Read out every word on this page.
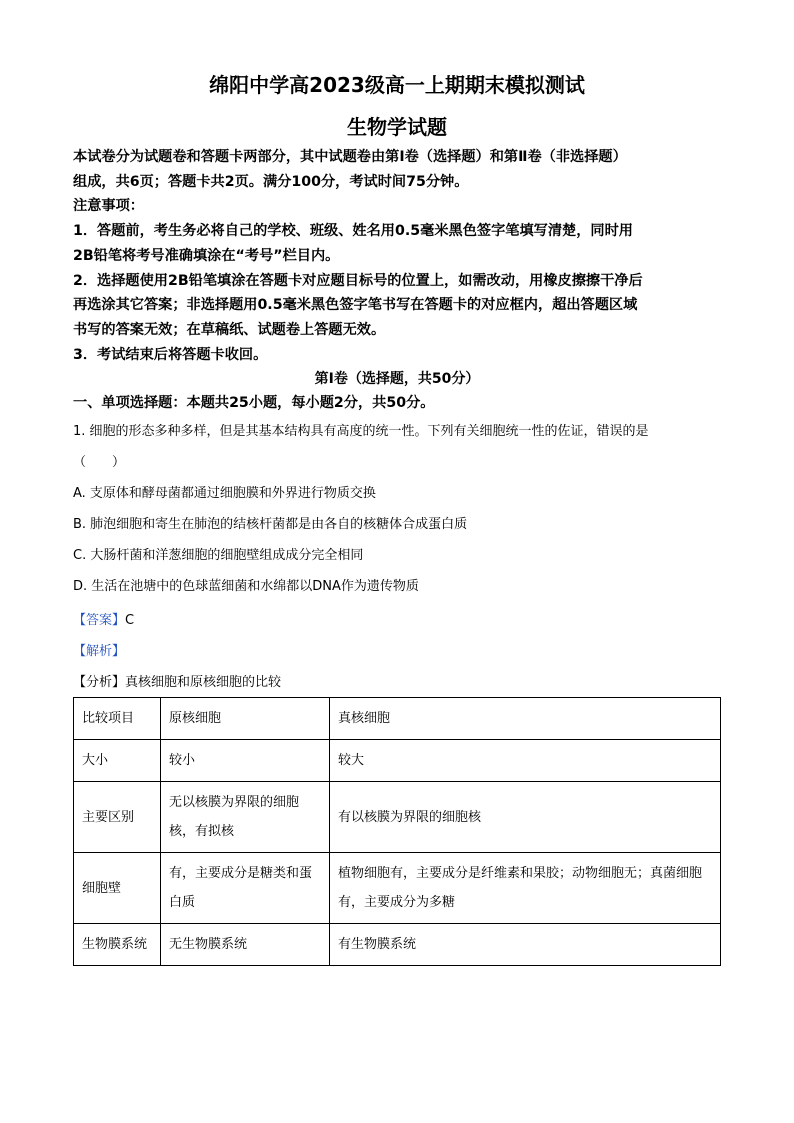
绵阳中学高2023级高一上期期末模拟测试
生物学试题
本试卷分为试题卷和答题卡两部分，其中试题卷由第Ⅰ卷（选择题）和第Ⅱ卷（非选择题）
组成，共6页；答题卡共2页。满分100分，考试时间75分钟。
注意事项：
1．答题前，考生务必将自己的学校、班级、姓名用0.5毫米黑色签字笔填写清楚，同时用
2B铅笔将考号准确填涂在“考号”栏目内。
2．选择题使用2B铅笔填涂在答题卡对应题目标号的位置上，如需改动，用橡皮擦擦干净后
再选涂其它答案；非选择题用0.5毫米黑色签字笔书写在答题卡的对应框内，超出答题区域
书写的答案无效；在草稿纸、试题卷上答题无效。
3．考试结束后将答题卡收回。
第Ⅰ卷（选择题，共50分）
一、单项选择题：本题共25小题，每小题2分，共50分。
1. 细胞的形态多种多样，但是其基本结构具有高度的统一性。下列有关细胞统一性的佐证，错误的是
（　　）
A. 支原体和酵母菌都通过细胞膜和外界进行物质交换
B. 肺泡细胞和寄生在肺泡的结核杆菌都是由各自的核糖体合成蛋白质
C. 大肠杆菌和洋葱细胞的细胞壁组成成分完全相同
D. 生活在池塘中的色球蓝细菌和水绵都以DNA作为遗传物质
【答案】C
【解析】
【分析】真核细胞和原核细胞的比较
比较项目	原核细胞	真核细胞
大小	较小	较大
主要区别	无以核膜为界限的细胞核，有拟核	有以核膜为界限的细胞核
细胞壁	有，主要成分是糖类和蛋白质	植物细胞有，主要成分是纤维素和果胶；动物细胞无；真菌细胞有，主要成分为多糖
生物膜系统	无生物膜系统	有生物膜系统
